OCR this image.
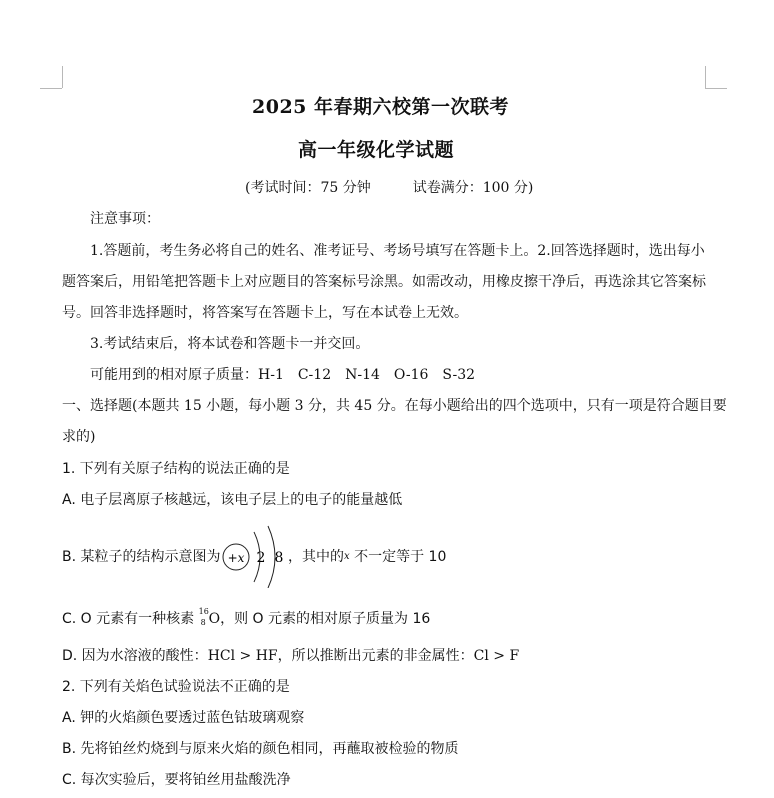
2025 年春期六校第一次联考
高一年级化学试题
(考试时间：75 分钟　　　试卷满分：100 分)
注意事项：
1.答题前，考生务必将自己的姓名、准考证号、考场号填写在答题卡上。2.回答选择题时，选出每小
题答案后，用铅笔把答题卡上对应题目的答案标号涂黑。如需改动，用橡皮擦干净后，再选涂其它答案标
号。回答非选择题时，将答案写在答题卡上，写在本试卷上无效。
3.考试结束后，将本试卷和答题卡一并交回。
可能用到的相对原子质量：H-1　C-12　N-14　O-16　S-32
一、选择题(本题共 15 小题，每小题 3 分，共 45 分。在每小题给出的四个选项中，只有一项是符合题目要
求的)
1. 下列有关原子结构的说法正确的是
A. 电子层离原子核越远，该电子层上的电子的能量越低
B. 某粒子的结构示意图为 +x 2 8 ，其中的$^x$ 不一定等于 10
C. O 元素有一种核素 16
8 O，则 O 元素的相对原子质量为 16
D. 因为水溶液的酸性：HCl > HF，所以推断出元素的非金属性：Cl > F
2. 下列有关焰色试验说法不正确的是
A. 钾的火焰颜色要透过蓝色钴玻璃观察
B. 先将铂丝灼烧到与原来火焰的颜色相同，再蘸取被检验的物质
C. 每次实验后，要将铂丝用盐酸洗净
